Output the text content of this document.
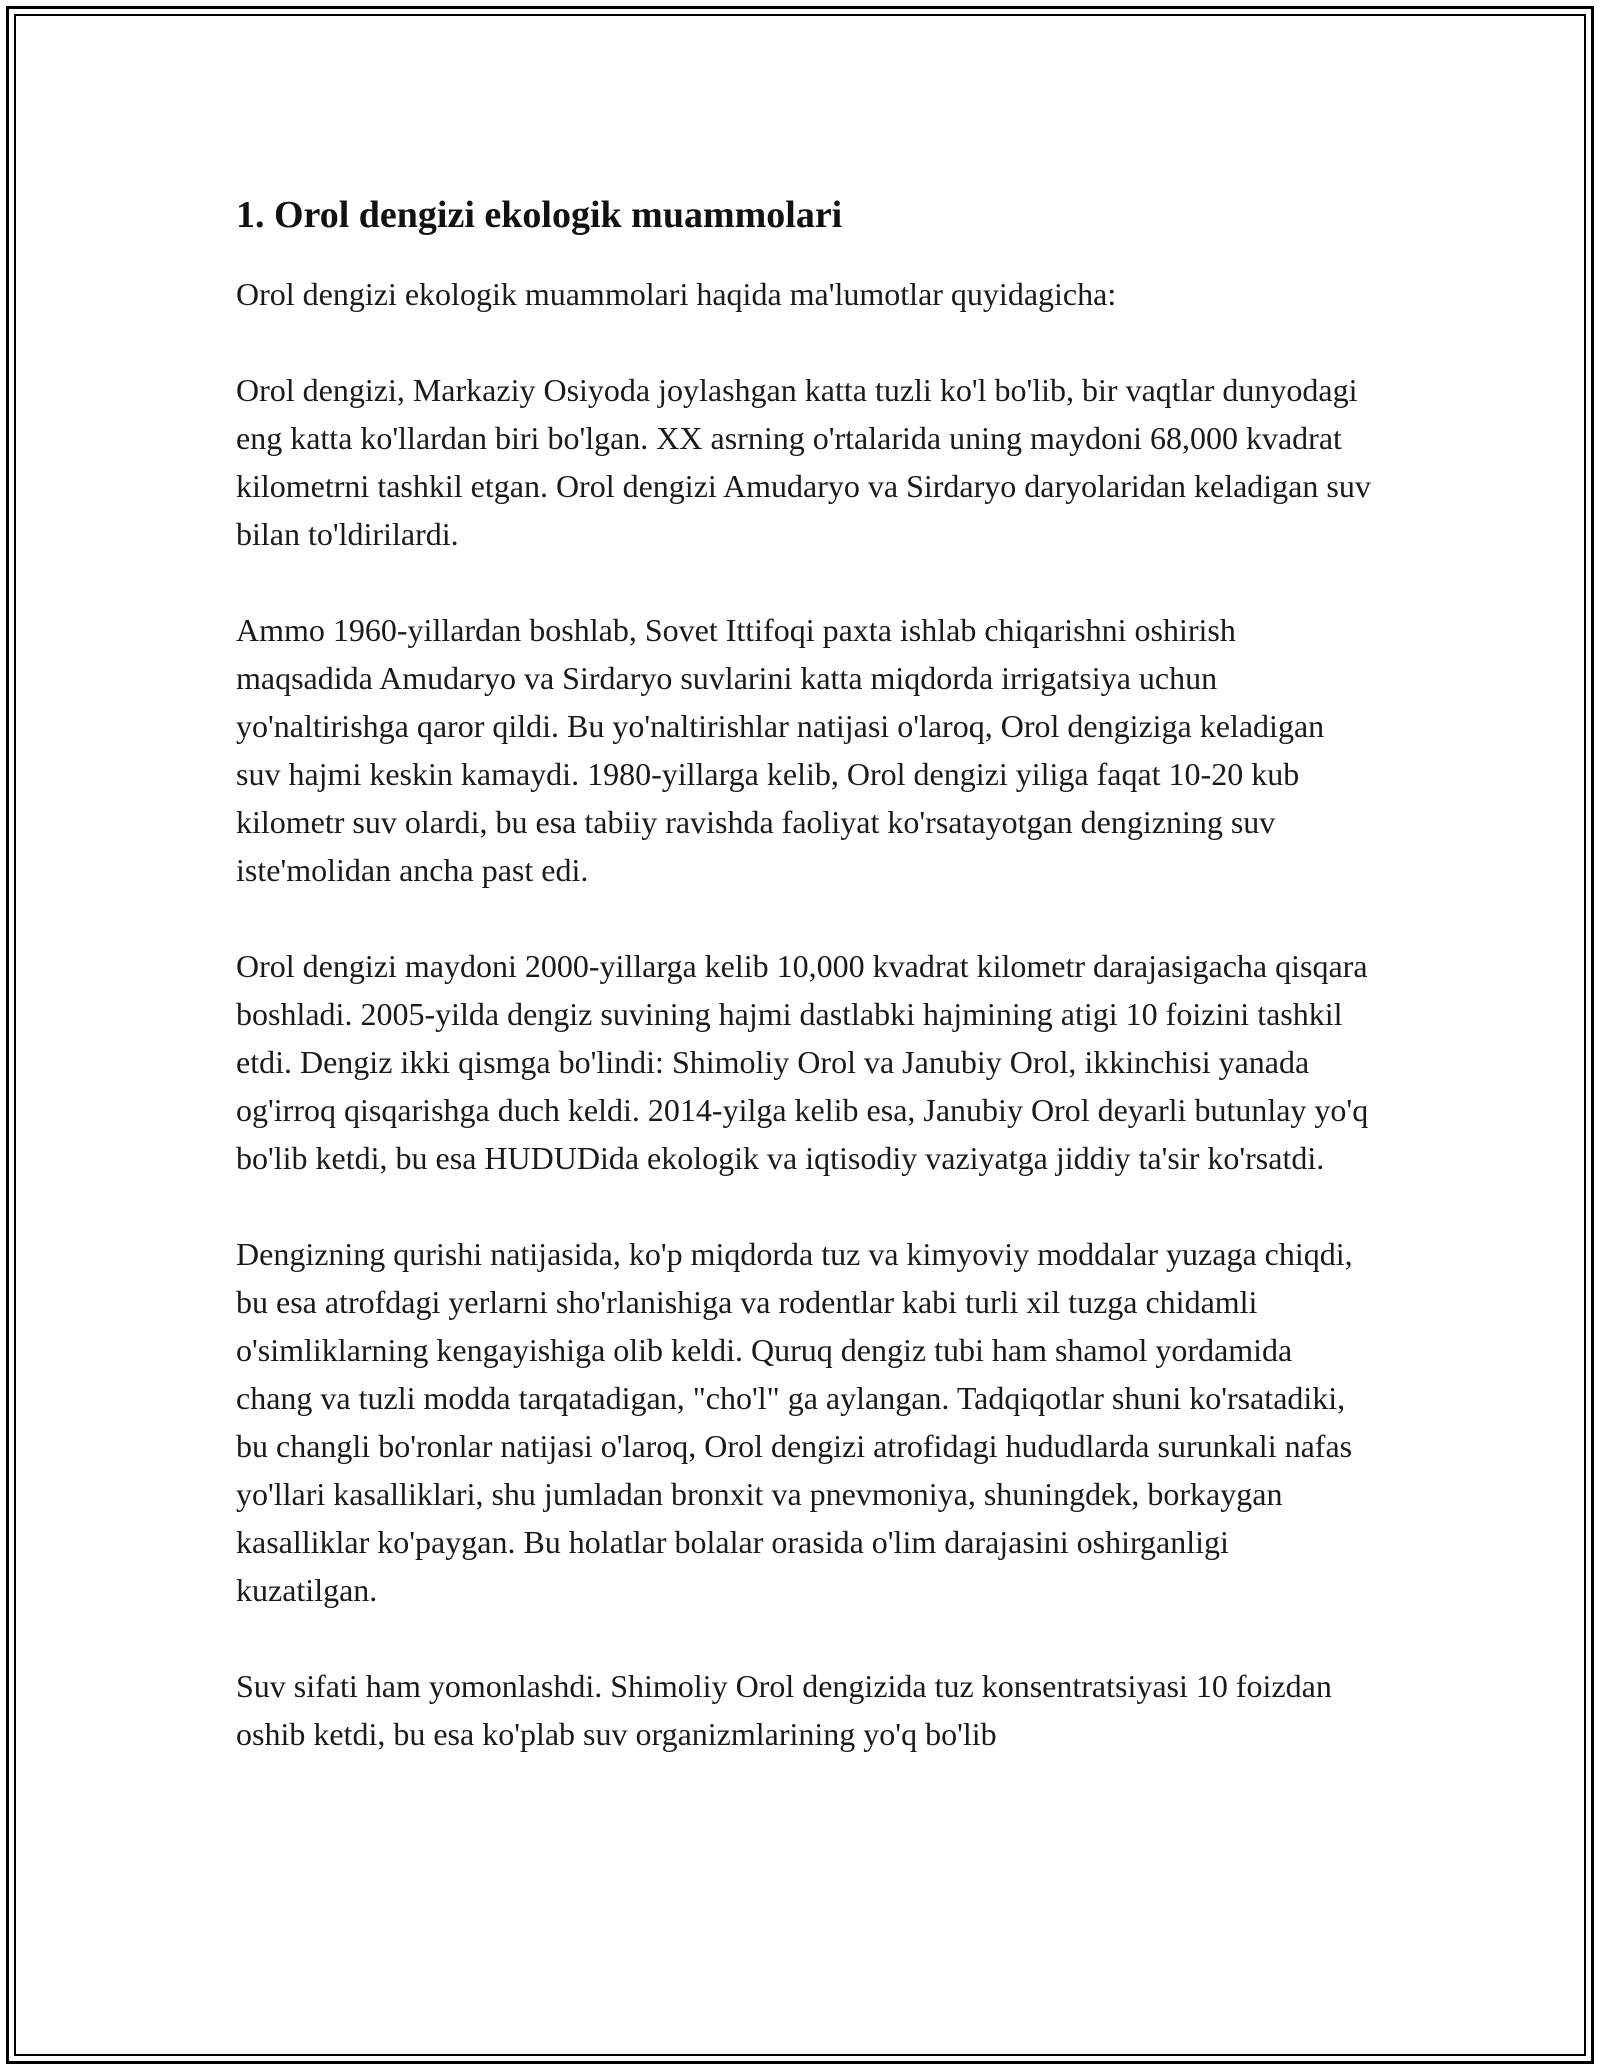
1. Orol dengizi ekologik muammolari

Orol dengizi ekologik muammolari haqida ma'lumotlar quyidagicha:

Orol dengizi, Markaziy Osiyoda joylashgan katta tuzli ko'l bo'lib, bir vaqtlar dunyodagi eng katta ko'llardan biri bo'lgan. XX asrning o'rtalarida uning maydoni 68,000 kvadrat kilometrni tashkil etgan. Orol dengizi Amudaryo va Sirdaryo daryolaridan keladigan suv bilan to'ldirilardi.

Ammo 1960-yillardan boshlab, Sovet Ittifoqi paxta ishlab chiqarishni oshirish maqsadida Amudaryo va Sirdaryo suvlarini katta miqdorda irrigatsiya uchun yo'naltirishga qaror qildi. Bu yo'naltirishlar natijasi o'laroq, Orol dengiziga keladigan suv hajmi keskin kamaydi. 1980-yillarga kelib, Orol dengizi yiliga faqat 10-20 kub kilometr suv olardi, bu esa tabiiy ravishda faoliyat ko'rsatayotgan dengizning suv iste'molidan ancha past edi.

Orol dengizi maydoni 2000-yillarga kelib 10,000 kvadrat kilometr darajasigacha qisqara boshladi. 2005-yilda dengiz suvining hajmi dastlabki hajmining atigi 10 foizini tashkil etdi. Dengiz ikki qismga bo'lindi: Shimoliy Orol va Janubiy Orol, ikkinchisi yanada og'irroq qisqarishga duch keldi. 2014-yilga kelib esa, Janubiy Orol deyarli butunlay yo'q bo'lib ketdi, bu esa HUDUDida ekologik va iqtisodiy vaziyatga jiddiy ta'sir ko'rsatdi.

Dengizning qurishi natijasida, ko'p miqdorda tuz va kimyoviy moddalar yuzaga chiqdi, bu esa atrofdagi yerlarni sho'rlanishiga va rodentlar kabi turli xil tuzga chidamli o'simliklarning kengayishiga olib keldi. Quruq dengiz tubi ham shamol yordamida chang va tuzli modda tarqatadigan, "cho'l" ga aylangan. Tadqiqotlar shuni ko'rsatadiki, bu changli bo'ronlar natijasi o'laroq, Orol dengizi atrofidagi hududlarda surunkali nafas yo'llari kasalliklari, shu jumladan bronxit va pnevmoniya, shuningdek, borkaygan kasalliklar ko'paygan. Bu holatlar bolalar orasida o'lim darajasini oshirganligi kuzatilgan.

Suv sifati ham yomonlashdi. Shimoliy Orol dengizida tuz konsentratsiyasi 10 foizdan oshib ketdi, bu esa ko'plab suv organizmlarining yo'q bo'lib
